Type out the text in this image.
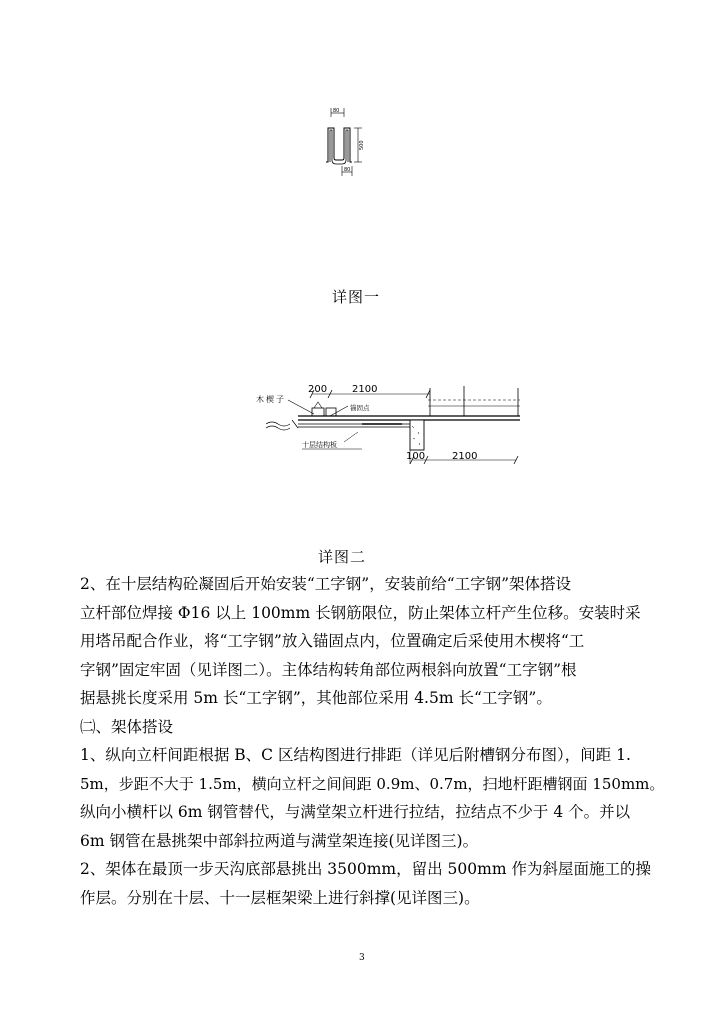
80
500
80
详图一
木楔子
锚固点
十层结构板
200 2100
100	2100
详图二
2、在十层结构砼凝固后开始安装“工字钢”，安装前给“工字钢”架体搭设
立杆部位焊接 Φ16 以上 100mm 长钢筋限位，防止架体立杆产生位移。安装时采
用塔吊配合作业，将“工字钢”放入锚固点内，位置确定后采使用木楔将“工
字钢”固定牢固（见详图二）。主体结构转角部位两根斜向放置“工字钢”根
据悬挑长度采用 5m 长“工字钢”，其他部位采用 4.5m 长“工字钢”。
㈡、架体搭设
1、纵向立杆间距根据 B、C 区结构图进行排距（详见后附槽钢分布图），间距 1.
5m，步距不大于 1.5m，横向立杆之间间距 0.9m、0.7m，扫地杆距槽钢面 150mm。
纵向小横杆以 6m 钢管替代，与满堂架立杆进行拉结，拉结点不少于 4 个。并以
6m 钢管在悬挑架中部斜拉两道与满堂架连接(见详图三)。
2、架体在最顶一步天沟底部悬挑出 3500mm，留出 500mm 作为斜屋面施工的操
作层。分别在十层、十一层框架梁上进行斜撑(见详图三)。
3
